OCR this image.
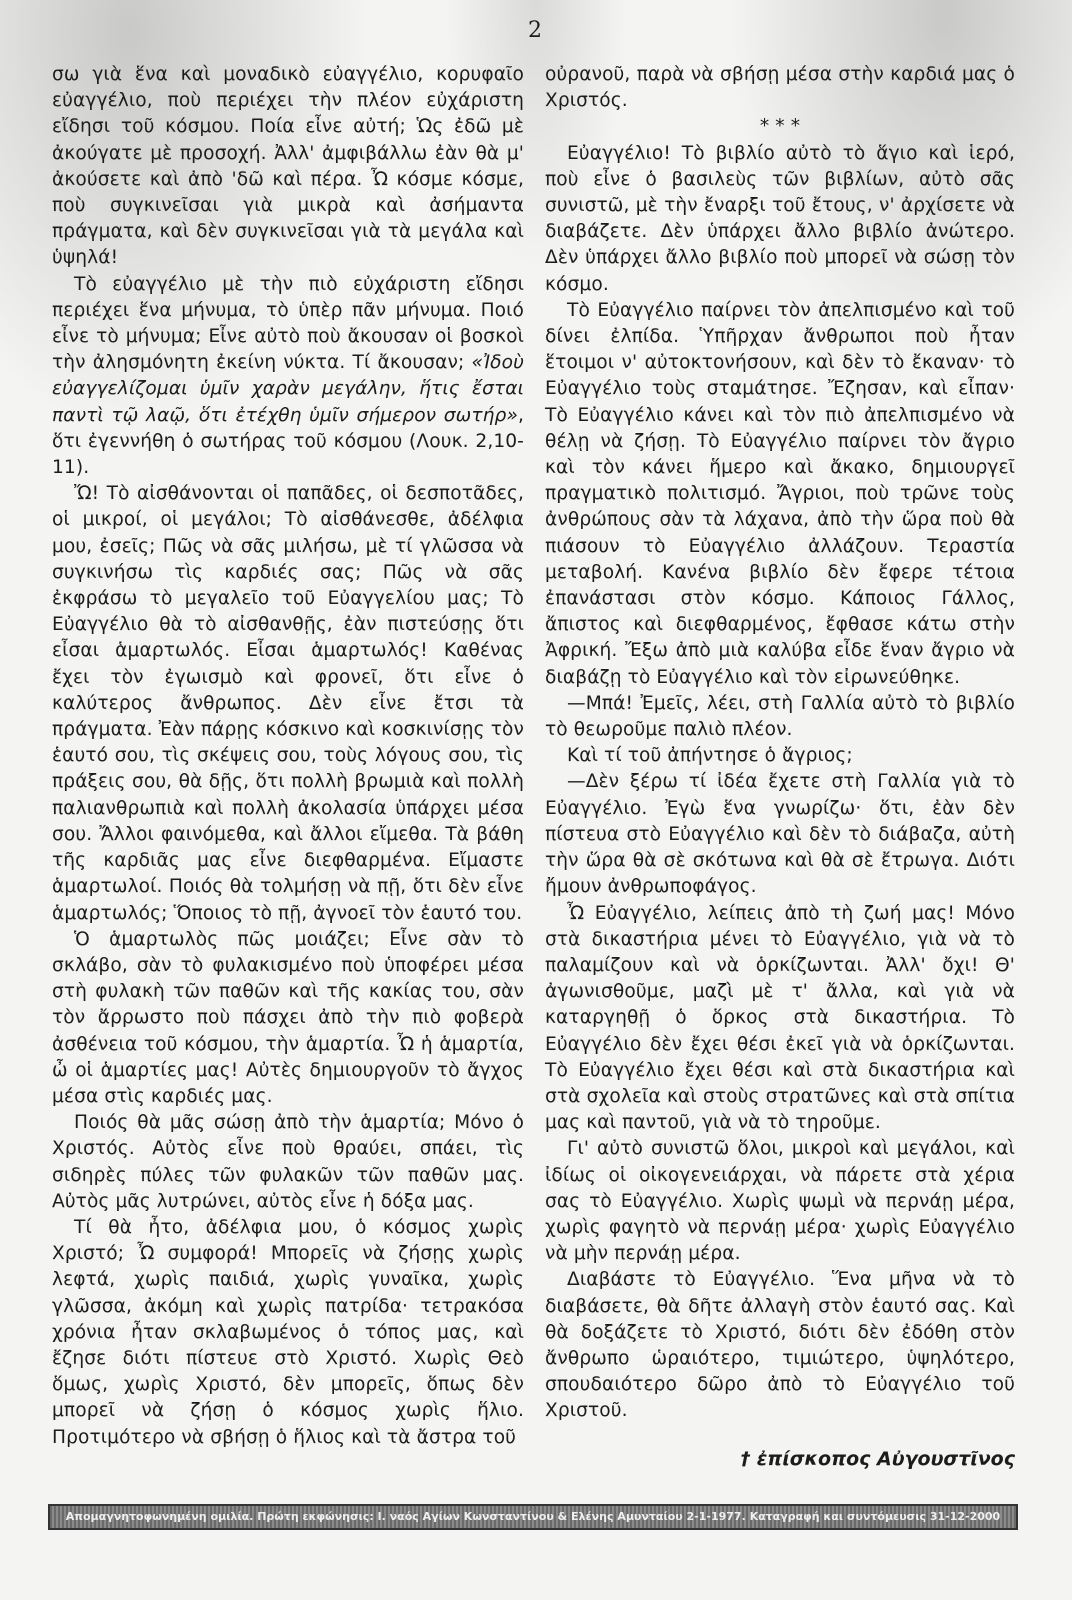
2

σω γιὰ ἕνα καὶ μοναδικὸ εὐαγγέλιο, κορυφαῖο εὐαγγέλιο, ποὺ περιέχει τὴν πλέον εὐχάριστη εἴδησι τοῦ κόσμου. Ποία εἶνε αὐτή; Ὡς ἐδῶ μὲ ἀκούγατε μὲ προσοχή. Ἀλλ' ἀμφιβάλλω ἐὰν θὰ μ' ἀκούσετε καὶ ἀπὸ 'δῶ καὶ πέρα. Ὦ κόσμε κόσμε, ποὺ συγκινεῖσαι γιὰ μικρὰ καὶ ἀσήμαντα πράγματα, καὶ δὲν συγκινεῖσαι γιὰ τὰ μεγάλα καὶ ὑψηλά!

Τὸ εὐαγγέλιο μὲ τὴν πιὸ εὐχάριστη εἴδησι περιέχει ἕνα μήνυμα, τὸ ὑπὲρ πᾶν μήνυμα. Ποιό εἶνε τὸ μήνυμα; Εἶνε αὐτὸ ποὺ ἄκουσαν οἱ βοσκοὶ τὴν ἀλησμόνητη ἐκείνη νύκτα. Τί ἄκουσαν; «Ἰδοὺ εὐαγγελίζομαι ὑμῖν χαρὰν μεγάλην, ἥτις ἔσται παντὶ τῷ λαῷ, ὅτι ἐτέχθη ὑμῖν σήμερον σωτήρ», ὅτι ἐγεννήθη ὁ σωτήρας τοῦ κόσμου (Λουκ. 2,10-11).

Ὤ! Τὸ αἰσθάνονται οἱ παπᾶδες, οἱ δεσποτᾶδες, οἱ μικροί, οἱ μεγάλοι; Τὸ αἰσθάνεσθε, ἀδέλφια μου, ἐσεῖς; Πῶς νὰ σᾶς μιλήσω, μὲ τί γλῶσσα νὰ συγκινήσω τὶς καρδιές σας; Πῶς νὰ σᾶς ἐκφράσω τὸ μεγαλεῖο τοῦ Εὐαγγελίου μας; Τὸ Εὐαγγέλιο θὰ τὸ αἰσθανθῇς, ἐὰν πιστεύσῃς ὅτι εἶσαι ἁμαρτωλός. Εἶσαι ἁμαρτωλός! Καθένας ἔχει τὸν ἐγωισμὸ καὶ φρονεῖ, ὅτι εἶνε ὁ καλύτερος ἄνθρωπος. Δὲν εἶνε ἔτσι τὰ πράγματα. Ἐὰν πάρῃς κόσκινο καὶ κοσκινίσῃς τὸν ἑαυτό σου, τὶς σκέψεις σου, τοὺς λόγους σου, τὶς πράξεις σου, θὰ δῇς, ὅτι πολλὴ βρωμιὰ καὶ πολλὴ παλιανθρωπιὰ καὶ πολλὴ ἀκολασία ὑπάρχει μέσα σου. Ἄλλοι φαινόμεθα, καὶ ἄλλοι εἴμεθα. Τὰ βάθη τῆς καρδιᾶς μας εἶνε διεφθαρμένα. Εἴμαστε ἁμαρτωλοί. Ποιός θὰ τολμήσῃ νὰ πῇ, ὅτι δὲν εἶνε ἁμαρτωλός; Ὅποιος τὸ πῇ, ἀγνοεῖ τὸν ἑαυτό του.

Ὁ ἁμαρτωλὸς πῶς μοιάζει; Εἶνε σὰν τὸ σκλάβο, σὰν τὸ φυλακισμένο ποὺ ὑποφέρει μέσα στὴ φυλακὴ τῶν παθῶν καὶ τῆς κακίας του, σὰν τὸν ἄρρωστο ποὺ πάσχει ἀπὸ τὴν πιὸ φοβερὰ ἀσθένεια τοῦ κόσμου, τὴν ἁμαρτία. Ὦ ἡ ἁμαρτία, ὦ οἱ ἁμαρτίες μας! Αὐτὲς δημιουργοῦν τὸ ἄγχος μέσα στὶς καρδιές μας.

Ποιός θὰ μᾶς σώσῃ ἀπὸ τὴν ἁμαρτία; Μόνο ὁ Χριστός. Αὐτὸς εἶνε ποὺ θραύει, σπάει, τὶς σιδηρὲς πύλες τῶν φυλακῶν τῶν παθῶν μας. Αὐτὸς μᾶς λυτρώνει, αὐτὸς εἶνε ἡ δόξα μας.

Τί θὰ ἦτο, ἀδέλφια μου, ὁ κόσμος χωρὶς Χριστό; Ὦ συμφορά! Μπορεῖς νὰ ζήσῃς χωρὶς λεφτά, χωρὶς παιδιά, χωρὶς γυναῖκα, χωρὶς γλῶσσα, ἀκόμη καὶ χωρὶς πατρίδα· τετρακόσα χρόνια ἦταν σκλαβωμένος ὁ τόπος μας, καὶ ἔζησε διότι πίστευε στὸ Χριστό. Χωρὶς Θεὸ ὅμως, χωρὶς Χριστό, δὲν μπορεῖς, ὅπως δὲν μπορεῖ νὰ ζήσῃ ὁ κόσμος χωρὶς ἥλιο. Προτιμότερο νὰ σβήσῃ ὁ ἥλιος καὶ τὰ ἄστρα τοῦ

οὐρανοῦ, παρὰ νὰ σβήσῃ μέσα στὴν καρδιά μας ὁ Χριστός.

* * *

Εὐαγγέλιο! Τὸ βιβλίο αὐτὸ τὸ ἅγιο καὶ ἱερό, ποὺ εἶνε ὁ βασιλεὺς τῶν βιβλίων, αὐτὸ σᾶς συνιστῶ, μὲ τὴν ἔναρξι τοῦ ἔτους, ν' ἀρχίσετε νὰ διαβάζετε. Δὲν ὑπάρχει ἄλλο βιβλίο ἀνώτερο. Δὲν ὑπάρχει ἄλλο βιβλίο ποὺ μπορεῖ νὰ σώσῃ τὸν κόσμο.

Τὸ Εὐαγγέλιο παίρνει τὸν ἀπελπισμένο καὶ τοῦ δίνει ἐλπίδα. Ὑπῆρχαν ἄνθρωποι ποὺ ἦταν ἕτοιμοι ν' αὐτοκτονήσουν, καὶ δὲν τὸ ἔκαναν· τὸ Εὐαγγέλιο τοὺς σταμάτησε. Ἔζησαν, καὶ εἶπαν· Τὸ Εὐαγγέλιο κάνει καὶ τὸν πιὸ ἀπελπισμένο νὰ θέλῃ νὰ ζήσῃ. Τὸ Εὐαγγέλιο παίρνει τὸν ἄγριο καὶ τὸν κάνει ἥμερο καὶ ἄκακο, δημιουργεῖ πραγματικὸ πολιτισμό. Ἄγριοι, ποὺ τρῶνε τοὺς ἀνθρώπους σὰν τὰ λάχανα, ἀπὸ τὴν ὥρα ποὺ θὰ πιάσουν τὸ Εὐαγγέλιο ἀλλάζουν. Τεραστία μεταβολή. Κανένα βιβλίο δὲν ἔφερε τέτοια ἐπανάστασι στὸν κόσμο. Κάποιος Γάλλος, ἄπιστος καὶ διεφθαρμένος, ἔφθασε κάτω στὴν Ἀφρική. Ἔξω ἀπὸ μιὰ καλύβα εἶδε ἕναν ἄγριο νὰ διαβάζῃ τὸ Εὐαγγέλιο καὶ τὸν εἰρωνεύθηκε.

—Μπά! Ἐμεῖς, λέει, στὴ Γαλλία αὐτὸ τὸ βιβλίο τὸ θεωροῦμε παλιὸ πλέον.

Καὶ τί τοῦ ἀπήντησε ὁ ἄγριος;

—Δὲν ξέρω τί ἰδέα ἔχετε στὴ Γαλλία γιὰ τὸ Εὐαγγέλιο. Ἐγὼ ἕνα γνωρίζω· ὅτι, ἐὰν δὲν πίστευα στὸ Εὐαγγέλιο καὶ δὲν τὸ διάβαζα, αὐτὴ τὴν ὥρα θὰ σὲ σκότωνα καὶ θὰ σὲ ἔτρωγα. Διότι ἤμουν ἀνθρωποφάγος.

Ὦ Εὐαγγέλιο, λείπεις ἀπὸ τὴ ζωή μας! Μόνο στὰ δικαστήρια μένει τὸ Εὐαγγέλιο, γιὰ νὰ τὸ παλαμίζουν καὶ νὰ ὁρκίζωνται. Ἀλλ' ὄχι! Θ' ἀγωνισθοῦμε, μαζὶ μὲ τ' ἄλλα, καὶ γιὰ νὰ καταργηθῇ ὁ ὅρκος στὰ δικαστήρια. Τὸ Εὐαγγέλιο δὲν ἔχει θέσι ἐκεῖ γιὰ νὰ ὁρκίζωνται. Τὸ Εὐαγγέλιο ἔχει θέσι καὶ στὰ δικαστήρια καὶ στὰ σχολεῖα καὶ στοὺς στρατῶνες καὶ στὰ σπίτια μας καὶ παντοῦ, γιὰ νὰ τὸ τηροῦμε.

Γι' αὐτὸ συνιστῶ ὅλοι, μικροὶ καὶ μεγάλοι, καὶ ἰδίως οἱ οἰκογενειάρχαι, νὰ πάρετε στὰ χέρια σας τὸ Εὐαγγέλιο. Χωρὶς ψωμὶ νὰ περνάῃ μέρα, χωρὶς φαγητὸ νὰ περνάῃ μέρα· χωρὶς Εὐαγγέλιο νὰ μὴν περνάῃ μέρα.

Διαβάστε τὸ Εὐαγγέλιο. Ἕνα μῆνα νὰ τὸ διαβάσετε, θὰ δῆτε ἀλλαγὴ στὸν ἑαυτό σας. Καὶ θὰ δοξάζετε τὸ Χριστό, διότι δὲν ἐδόθη στὸν ἄνθρωπο ὡραιότερο, τιμιώτερο, ὑψηλότερο, σπουδαιότερο δῶρο ἀπὸ τὸ Εὐαγγέλιο τοῦ Χριστοῦ.

† ἐπίσκοπος Αὐγουστῖνος
Απομαγνητοφωνημένη ομιλία. Πρώτη εκφώνησις: I. ναός Αγίων Κωνσταντίνου & Ελένης Αμυνταίου 2-1-1977. Καταγραφή και συντόμευσις 31-12-2000
